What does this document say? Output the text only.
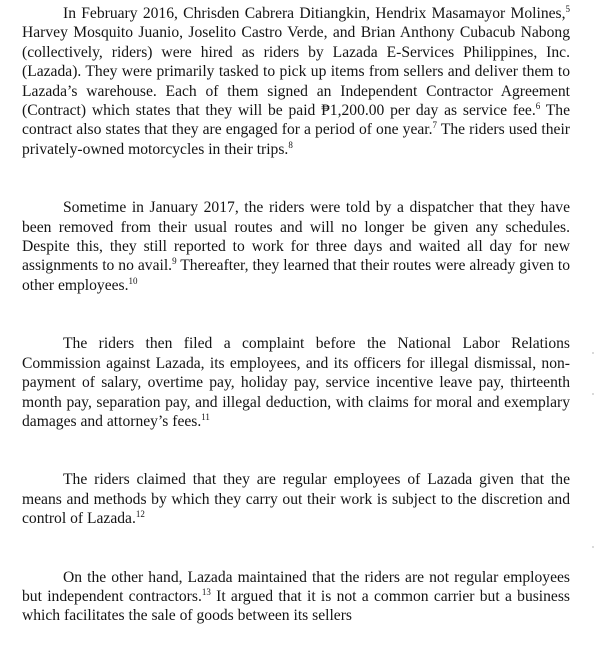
In February 2016, Chrisden Cabrera Ditiangkin, Hendrix Masamayor Molines,$^5$ Harvey Mosquito Juanio, Joselito Castro Verde, and Brian Anthony Cubacub Nabong (collectively, riders) were hired as riders by Lazada E-Services Philippines, Inc. (Lazada). They were primarily tasked to pick up items from sellers and deliver them to Lazada’s warehouse. Each of them signed an Independent Contractor Agreement (Contract) which states that they will be paid ₱1,200.00 per day as service fee.$^6$ The contract also states that they are engaged for a period of one year.$^7$ The riders used their privately-owned motorcycles in their trips.$^8$

Sometime in January 2017, the riders were told by a dispatcher that they have been removed from their usual routes and will no longer be given any schedules. Despite this, they still reported to work for three days and waited all day for new assignments to no avail.$^9$ Thereafter, they learned that their routes were already given to other employees.$^{10}$

The riders then filed a complaint before the National Labor Relations Commission against Lazada, its employees, and its officers for illegal dismissal, non-payment of salary, overtime pay, holiday pay, service incentive leave pay, thirteenth month pay, separation pay, and illegal deduction, with claims for moral and exemplary damages and attorney’s fees.$^{11}$

The riders claimed that they are regular employees of Lazada given that the means and methods by which they carry out their work is subject to the discretion and control of Lazada.$^{12}$

On the other hand, Lazada maintained that the riders are not regular employees but independent contractors.$^{13}$ It argued that it is not a common carrier but a business which facilitates the sale of goods between its sellers
